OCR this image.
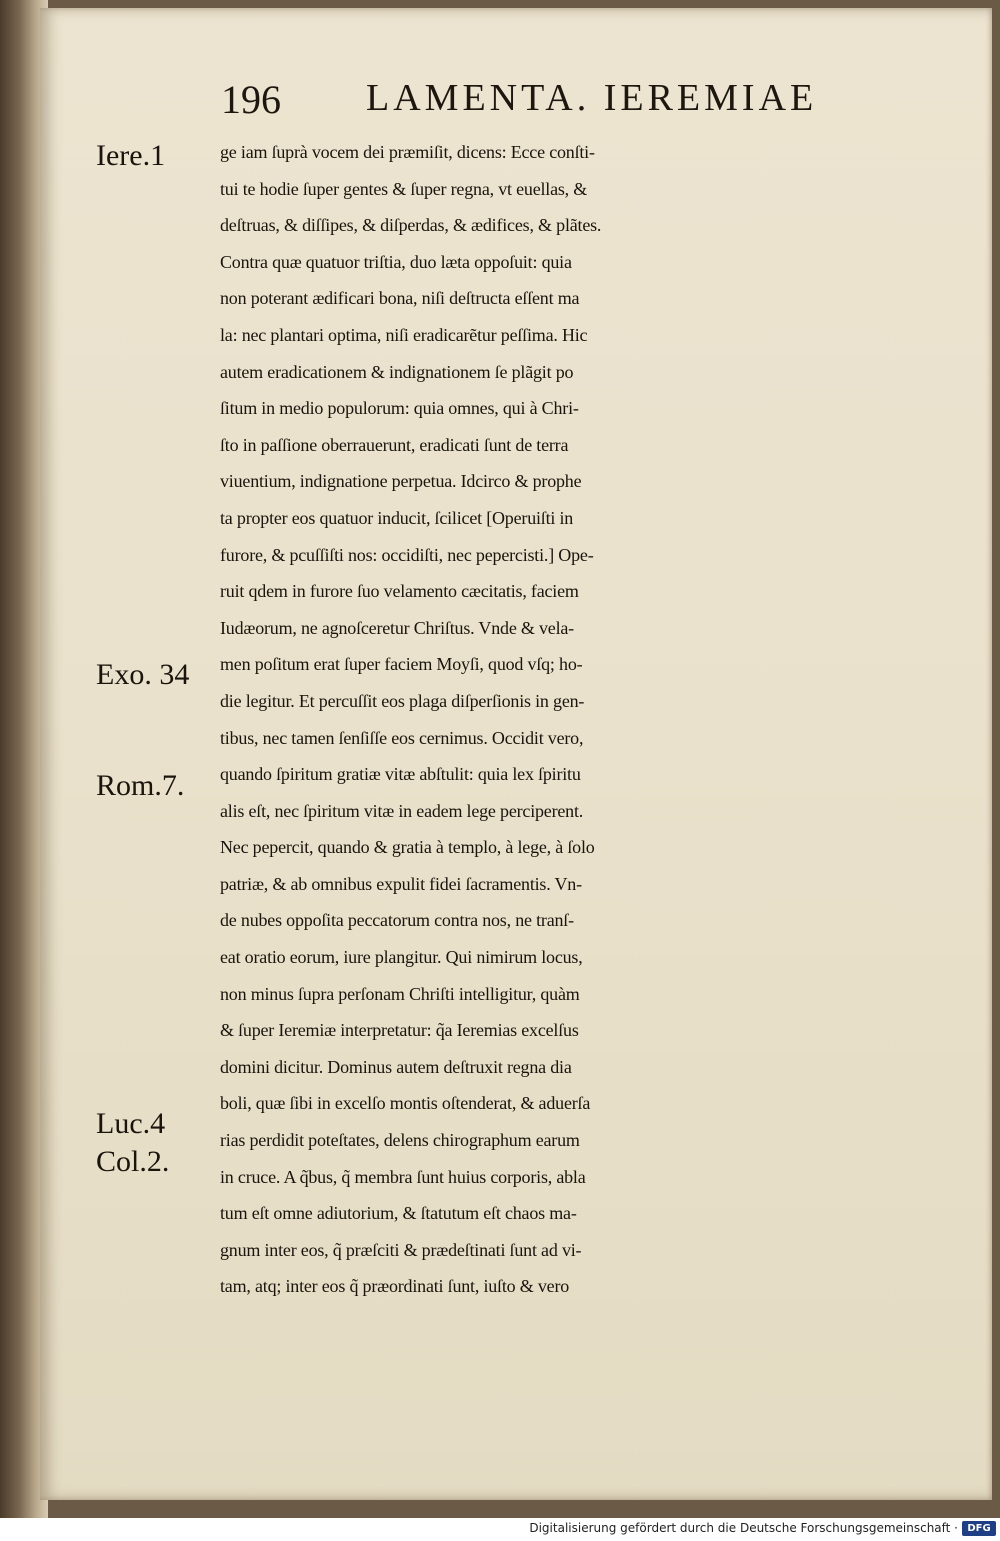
196 LAMENTA. IEREMIAE
Iere.1
Exo. 34
Rom.7.
Luc.4
Col.2.
ge iam ſuprà vocem dei præmiſit, dicens: Ecce conſti-
tui te hodie ſuper gentes & ſuper regna, vt euellas, &
deſtruas, & diſſipes, & diſperdas, & ædifices, & plãtes.
Contra quæ quatuor triſtia, duo læta oppoſuit: quia
non poterant ædificari bona, niſi deſtructa eſſent ma
la: nec plantari optima, niſi eradicarẽtur peſſima. Hic
autem eradicationem & indignationem ſe plãgit po
ſitum in medio populorum: quia omnes, qui à Chri-
ſto in paſſione oberrauerunt, eradicati ſunt de terra
viuentium, indignatione perpetua. Idcirco & prophe
ta propter eos quatuor inducit, ſcilicet [Operuiſti in
furore, & pcuſſiſti nos: occidiſti, nec pepercisti.] Ope-
ruit qdem in furore ſuo velamento cæcitatis, faciem
Iudæorum, ne agnoſceretur Chriſtus. Vnde & vela-
men poſitum erat ſuper faciem Moyſi, quod vſq; ho-
die legitur. Et percuſſit eos plaga diſperſionis in gen-
tibus, nec tamen ſenſiſſe eos cernimus. Occidit vero,
quando ſpiritum gratiæ vitæ abſtulit: quia lex ſpiritu
alis eſt, nec ſpiritum vitæ in eadem lege perciperent.
Nec pepercit, quando & gratia à templo, à lege, à ſolo
patriæ, & ab omnibus expulit fidei ſacramentis. Vn-
de nubes oppoſita peccatorum contra nos, ne tranſ-
eat oratio eorum, iure plangitur. Qui nimirum locus,
non minus ſupra perſonam Chriſti intelligitur, quàm
& ſuper Ieremiæ interpretatur: q̃a Ieremias excelſus
domini dicitur. Dominus autem deſtruxit regna dia
boli, quæ ſibi in excelſo montis oſtenderat, & aduerſa
rias perdidit poteſtates, delens chirographum earum
in cruce. A q̃bus, q̃ membra ſunt huius corporis, abla
tum eſt omne adiutorium, & ſtatutum eſt chaos ma-
gnum inter eos, q̃ præſciti & prædeſtinati ſunt ad vi-
tam, atq; inter eos q̃ præordinati ſunt, iuſto & vero
Digitalisierung gefördert durch die Deutsche Forschungsgemeinschaft · DFG
